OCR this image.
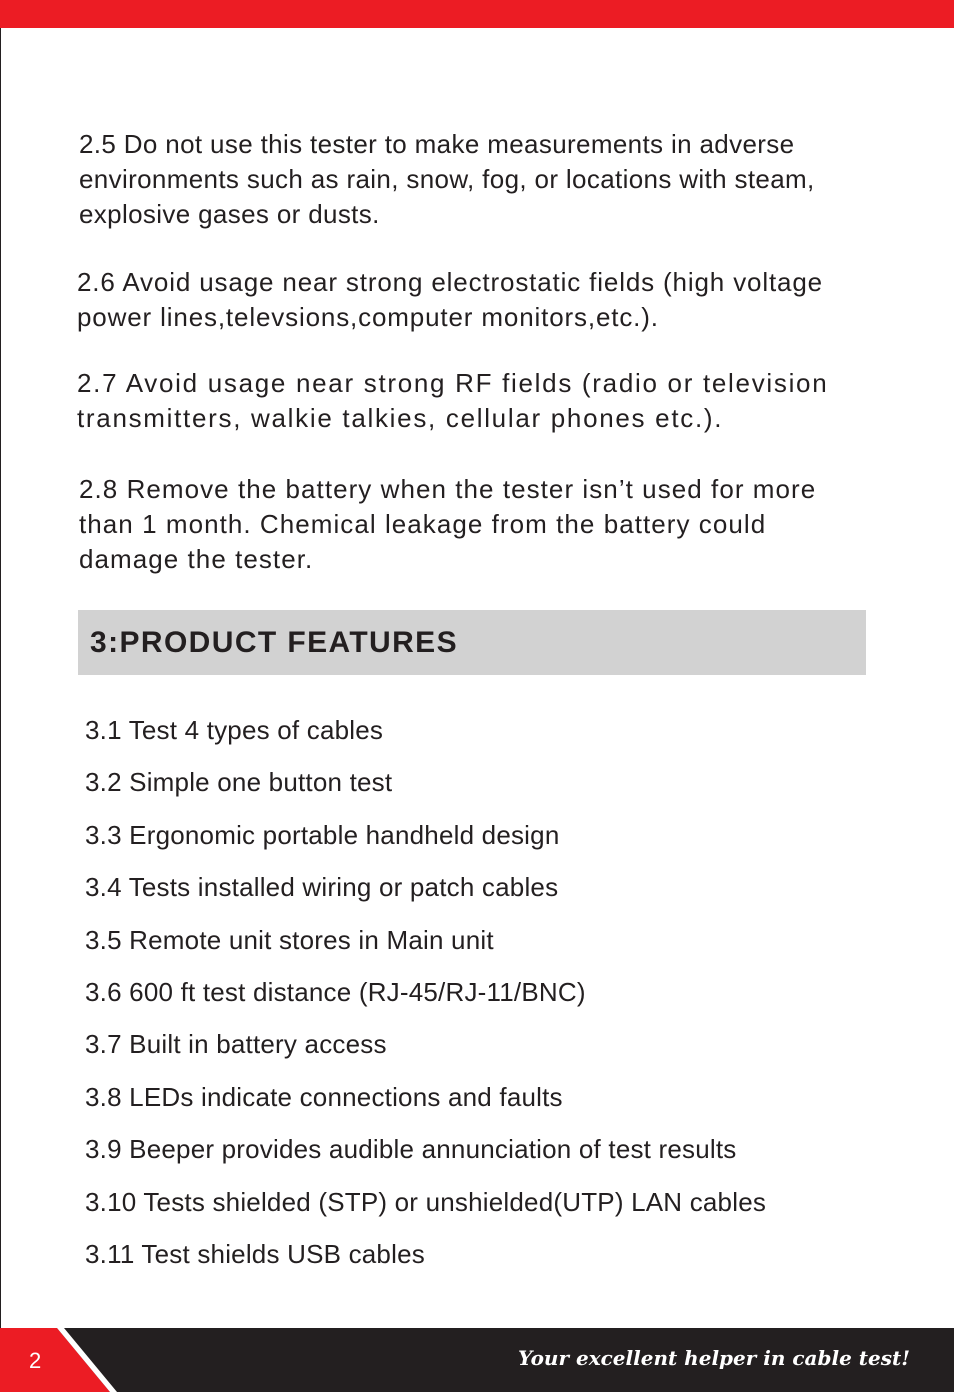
2.5 Do not use this tester to make measurements in adverse
environments such as rain, snow, fog, or locations with steam,
explosive gases or dusts.
2.6 Avoid usage near strong electrostatic fields (high voltage
power lines,televsions,computer monitors,etc.).
2.7 Avoid usage near strong RF fields (radio or television
transmitters, walkie talkies, cellular phones etc.).
2.8 Remove the battery when the tester isn’t used for more
than 1 month. Chemical leakage from the battery could
damage the tester.
3:PRODUCT FEATURES
3.1 Test 4 types of cables
3.2 Simple one button test
3.3 Ergonomic portable handheld design
3.4 Tests installed wiring or patch cables
3.5 Remote unit stores in Main unit
3.6 600 ft test distance (RJ-45/RJ-11/BNC)
3.7 Built in battery access
3.8 LEDs indicate connections and faults
3.9 Beeper provides audible annunciation of test results
3.10 Tests shielded (STP) or unshielded(UTP) LAN cables
3.11 Test shields USB cables
2	Your excellent helper in cable test!
